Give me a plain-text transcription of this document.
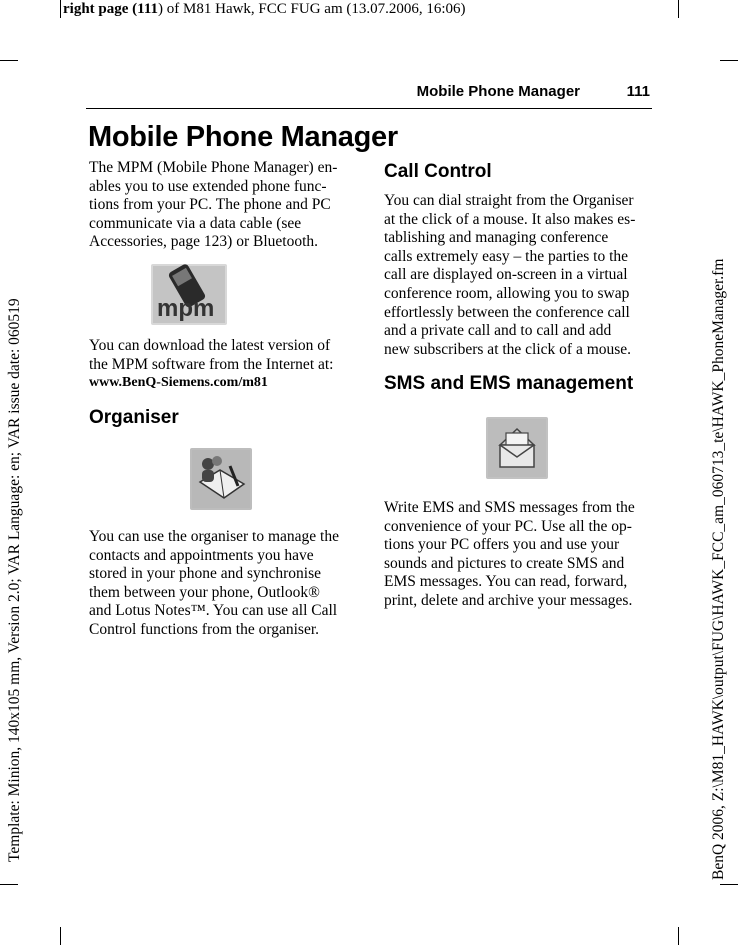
right page (111) of M81 Hawk, FCC FUG am (13.07.2006, 16:06)
Template: Minion, 140x105 mm, Version 2.0; VAR Language: en; VAR issue date: 060519	BenQ 2006, Z:\M81_HAWK\output\FUG\HAWK_FCC_am_060713_te\HAWK_PhoneManager.fm
Mobile Phone Manager	111
Mobile Phone Manager

The MPM (Mobile Phone Manager) en-

ables you to use extended phone func-

tions from your PC. The phone and PC

communicate via a data cable (see

Accessories, page 123) or Bluetooth.

mpm

You can download the latest version of

the MPM software from the Internet at:

www.BenQ-Siemens.com/m81

Organiser

You can use the organiser to manage the

contacts and appointments you have

stored in your phone and synchronise

them between your phone, Outlook®

and Lotus Notes™. You can use all Call

Control functions from the organiser.

Call Control

You can dial straight from the Organiser

at the click of a mouse. It also makes es-

tablishing and managing conference

calls extremely easy – the parties to the

call are displayed on-screen in a virtual

conference room, allowing you to swap

effortlessly between the conference call

and a private call and to call and add

new subscribers at the click of a mouse.

SMS and EMS management

Write EMS and SMS messages from the

convenience of your PC. Use all the op-

tions your PC offers you and use your

sounds and pictures to create SMS and

EMS messages. You can read, forward,

print, delete and archive your messages.
